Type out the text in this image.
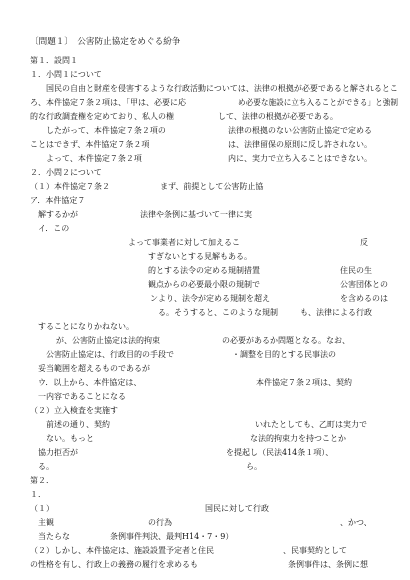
〔問題１〕　公害防止協定をめぐる紛争
第１．設問１
１．小問１について
　国民の自由と財産を侵害するような行政活動については、法律の根拠が必要であると解されるとこ
ろ、本件協定７条２項は、「甲は、必要に応
的な行政調査権を定めており、私人の権
　したがって、本件協定７条２項の
ことはできず、本件協定７条２項
　よって、本件協定７条２項
２．小問２について
（１）本件協定７条２
ア．本件協定７
解するかが
イ．この
よって事業者に対して加えるこ
すぎないとする見解もある。
的とする法令の定める規制措置
観点からの必要最小限の規制で
ンより、法令が定める規制を超え
る。そうすると、このような規制
することになりかねない。
　が、公害防止協定は法的拘束
　公害防止協定は、行政目的の手段で
妥当範囲を超えるものであるが
ウ．以上から、本件協定は、
一内容であることになる
（２）立入検査を実施す
　前述の通り、契約
　ない。もっと
協力拒否が
る。
第２．
１．
（１）
主観
当たらな
（２）しかし、本件協定は、施設設置予定者と住民
の性格を有し、行政上の義務の履行を求めるも
め必要な施設に立ち入ることができる」と強制
して、法律の根拠が必要である。
法律の根拠のない公害防止協定で定める
は、法律留保の原則に反し許されない。
内に、実力で立ち入ることはできない。
まず、前提として公害防止協
法律や条例に基づいて一律に実
反
住民の生
公害団体との
を含めるのは
も、法律による行政
の必要があるか問題となる。なお、
・調整を目的とする民事法の
本件協定７条２項は、契約
いれたとしても、乙町は実力で
な法的拘束力を持つことか
を提起し（民法414条１項）、
ら。
国民に対して行政
、かつ、
の行為
条例事件判決、最判H14・7・9）
、民事契約として
条例事件は、条例に想
